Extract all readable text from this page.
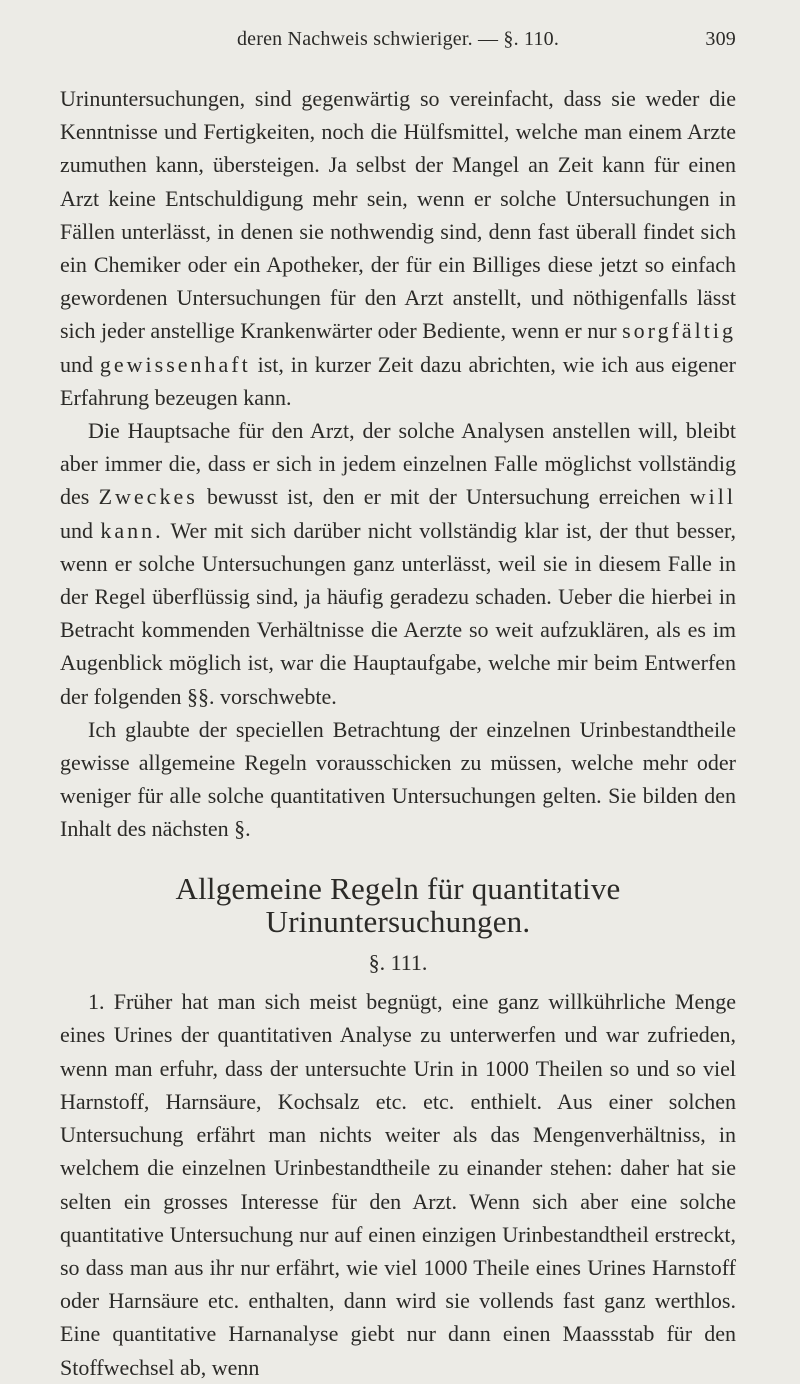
deren Nachweis schwieriger. — §. 110.	309

Urinuntersuchungen, sind gegenwärtig so vereinfacht, dass sie weder die Kenntnisse und Fertigkeiten, noch die Hülfsmittel, welche man einem Arzte zumuthen kann, übersteigen. Ja selbst der Mangel an Zeit kann für einen Arzt keine Entschuldigung mehr sein, wenn er solche Untersuchungen in Fällen unterlässt, in denen sie nothwendig sind, denn fast überall findet sich ein Chemiker oder ein Apotheker, der für ein Billiges diese jetzt so einfach gewordenen Untersuchungen für den Arzt anstellt, und nöthigenfalls lässt sich jeder anstellige Krankenwärter oder Bediente, wenn er nur sorgfältig und gewissenhaft ist, in kurzer Zeit dazu abrichten, wie ich aus eigener Erfahrung bezeugen kann.

Die Hauptsache für den Arzt, der solche Analysen anstellen will, bleibt aber immer die, dass er sich in jedem einzelnen Falle möglichst vollständig des Zweckes bewusst ist, den er mit der Untersuchung erreichen will und kann. Wer mit sich darüber nicht vollständig klar ist, der thut besser, wenn er solche Untersuchungen ganz unterlässt, weil sie in diesem Falle in der Regel überflüssig sind, ja häufig geradezu schaden. Ueber die hierbei in Betracht kommenden Verhältnisse die Aerzte so weit aufzuklären, als es im Augenblick möglich ist, war die Hauptaufgabe, welche mir beim Entwerfen der folgenden §§. vorschwebte.

Ich glaubte der speciellen Betrachtung der einzelnen Urinbestandtheile gewisse allgemeine Regeln vorausschicken zu müssen, welche mehr oder weniger für alle solche quantitativen Untersuchungen gelten. Sie bilden den Inhalt des nächsten §.

Allgemeine Regeln für quantitative Urinuntersuchungen.
§. 111.

1. Früher hat man sich meist begnügt, eine ganz willkührliche Menge eines Urines der quantitativen Analyse zu unterwerfen und war zufrieden, wenn man erfuhr, dass der untersuchte Urin in 1000 Theilen so und so viel Harnstoff, Harnsäure, Kochsalz etc. etc. enthielt. Aus einer solchen Untersuchung erfährt man nichts weiter als das Mengenverhältniss, in welchem die einzelnen Urinbestandtheile zu einander stehen: daher hat sie selten ein grosses Interesse für den Arzt. Wenn sich aber eine solche quantitative Untersuchung nur auf einen einzigen Urinbestandtheil erstreckt, so dass man aus ihr nur erfährt, wie viel 1000 Theile eines Urines Harnstoff oder Harnsäure etc. enthalten, dann wird sie vollends fast ganz werthlos. Eine quantitative Harnanalyse giebt nur dann einen Maassstab für den Stoffwechsel ab, wenn
